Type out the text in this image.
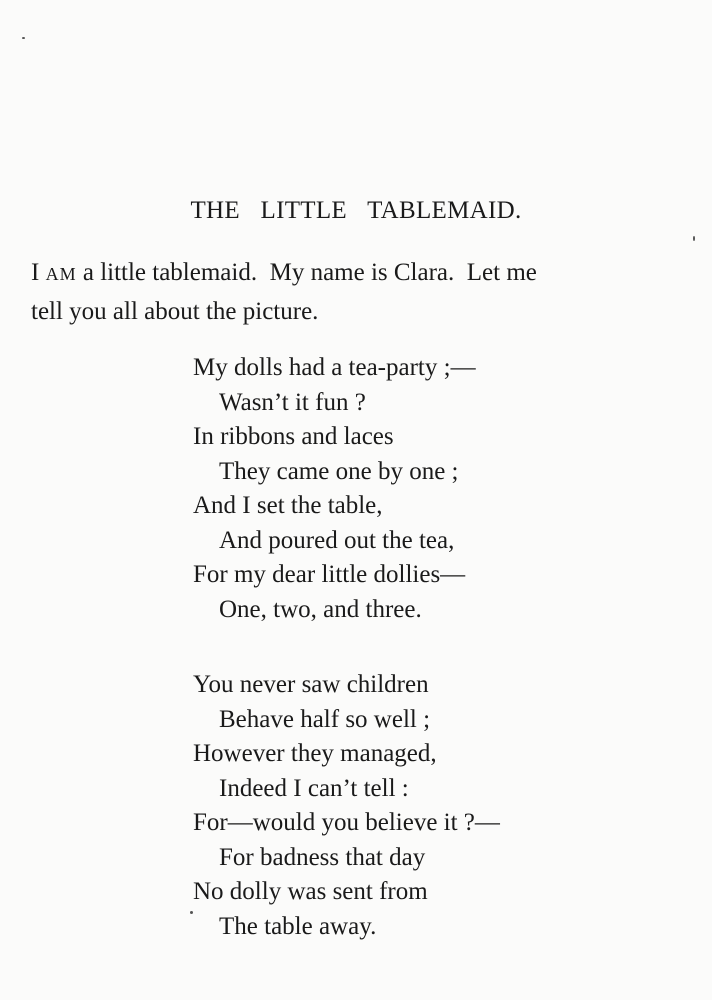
THE LITTLE TABLEMAID.
I AM a little tablemaid.  My name is Clara.  Let me
tell you all about the picture.
My dolls had a tea-party ;—
Wasn’t it fun ?
In ribbons and laces
They came one by one ;
And I set the table,
And poured out the tea,
For my dear little dollies—
One, two, and three.
You never saw children
Behave half so well ;
However they managed,
Indeed I can’t tell :
For—would you believe it ?—
For badness that day
No dolly was sent from
The table away.
